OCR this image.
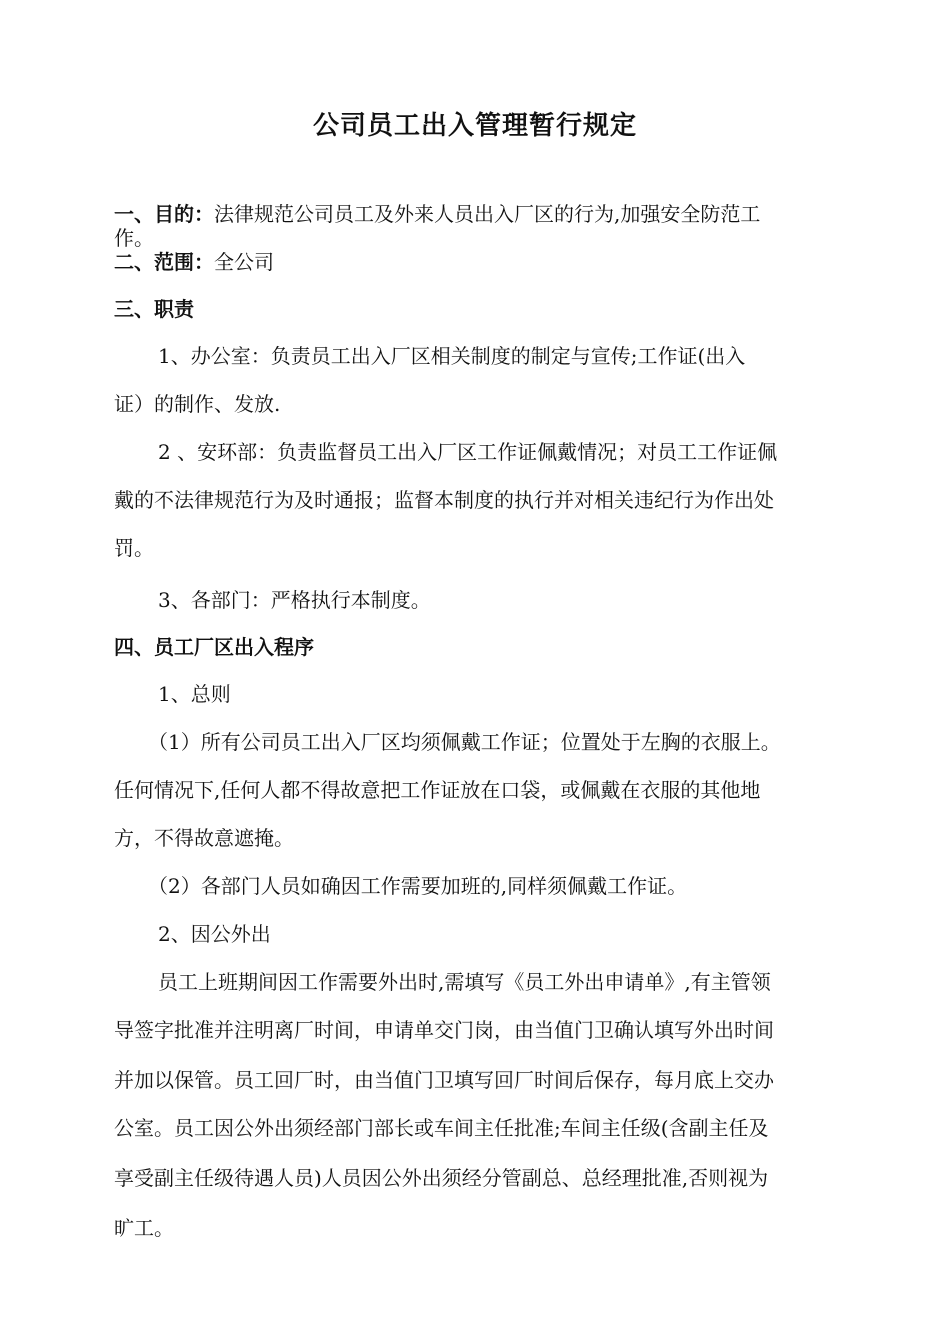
公司员工出入管理暂行规定
一、目的：法律规范公司员工及外来人员出入厂区的行为,加强安全防范工
作。
二、范围：全公司
三、职责
1、办公室：负责员工出入厂区相关制度的制定与宣传;工作证(出入
证）的制作、发放.
2 、安环部：负责监督员工出入厂区工作证佩戴情况；对员工工作证佩
戴的不法律规范行为及时通报；监督本制度的执行并对相关违纪行为作出处
罚。
3、各部门：严格执行本制度。
四、员工厂区出入程序
1、总则
（1）所有公司员工出入厂区均须佩戴工作证；位置处于左胸的衣服上。
任何情况下,任何人都不得故意把工作证放在口袋，或佩戴在衣服的其他地
方，不得故意遮掩。
（2）各部门人员如确因工作需要加班的,同样须佩戴工作证。
2、因公外出
员工上班期间因工作需要外出时,需填写《员工外出申请单》,有主管领
导签字批准并注明离厂时间，申请单交门岗，由当值门卫确认填写外出时间
并加以保管。员工回厂时，由当值门卫填写回厂时间后保存，每月底上交办
公室。员工因公外出须经部门部长或车间主任批准;车间主任级(含副主任及
享受副主任级待遇人员)人员因公外出须经分管副总、总经理批准,否则视为
旷工。
